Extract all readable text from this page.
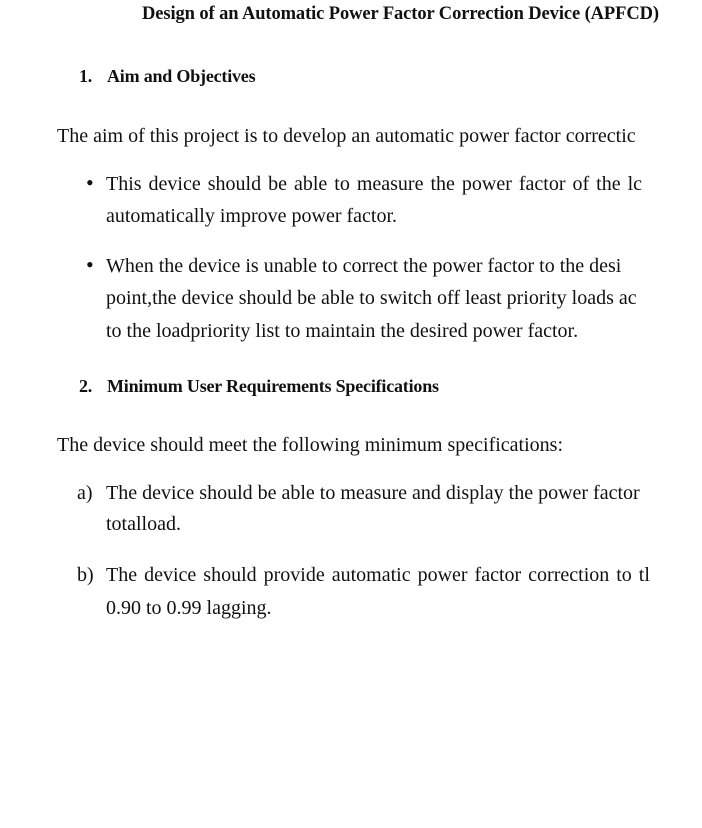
Design of an Automatic Power Factor Correction Device (APFCD)
1. Aim and Objectives

The aim of this project is to develop an automatic power factor correctic

• This device should be able to measure the power factor of the lc

automatically improve power factor.

• When the device is unable to correct the power factor to the desi

point,the device should be able to switch off least priority loads ac

to the loadpriority list to maintain the desired power factor.

2. Minimum User Requirements Specifications

The device should meet the following minimum specifications:

a) The device should be able to measure and display the power factor

totalload.

b) The device should provide automatic power factor correction to tl

0.90 to 0.99 lagging.
